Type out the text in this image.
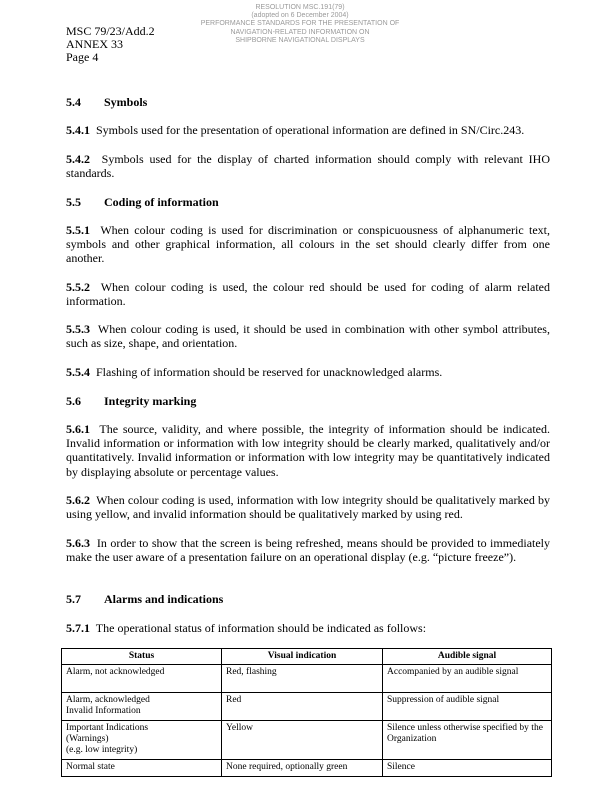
MSC 79/23/Add.2
ANNEX 33
Page 4
RESOLUTION MSC.191(79)
(adopted on 6 December 2004)
PERFORMANCE STANDARDS FOR THE PRESENTATION OF
NAVIGATION-RELATED INFORMATION ON
SHIPBORNE NAVIGATIONAL DISPLAYS
5.4 Symbols

5.4.1 Symbols used for the presentation of operational information are defined in SN/Circ.243.

5.4.2 Symbols used for the display of charted information should comply with relevant IHO standards.

5.5 Coding of information

5.5.1 When colour coding is used for discrimination or conspicuousness of alphanumeric text, symbols and other graphical information, all colours in the set should clearly differ from one another.

5.5.2 When colour coding is used, the colour red should be used for coding of alarm related information.

5.5.3 When colour coding is used, it should be used in combination with other symbol attributes, such as size, shape, and orientation.

5.5.4 Flashing of information should be reserved for unacknowledged alarms.

5.6 Integrity marking

5.6.1 The source, validity, and where possible, the integrity of information should be indicated. Invalid information or information with low integrity should be clearly marked, qualitatively and/or quantitatively. Invalid information or information with low integrity may be quantitatively indicated by displaying absolute or percentage values.

5.6.2 When colour coding is used, information with low integrity should be qualitatively marked by using yellow, and invalid information should be qualitatively marked by using red.

5.6.3 In order to show that the screen is being refreshed, means should be provided to immediately make the user aware of a presentation failure on an operational display (e.g. “picture freeze”).

5.7 Alarms and indications

5.7.1 The operational status of information should be indicated as follows:

Status	Visual indication	Audible signal

Alarm, not acknowledged	Red, flashing	Accompanied by an audible signal

Alarm, acknowledged
Invalid Information	Red	Suppression of audible signal

Important Indications
(Warnings)
(e.g. low integrity)	Yellow	Silence unless otherwise specified by the Organization

Normal state	None required, optionally green	Silence
